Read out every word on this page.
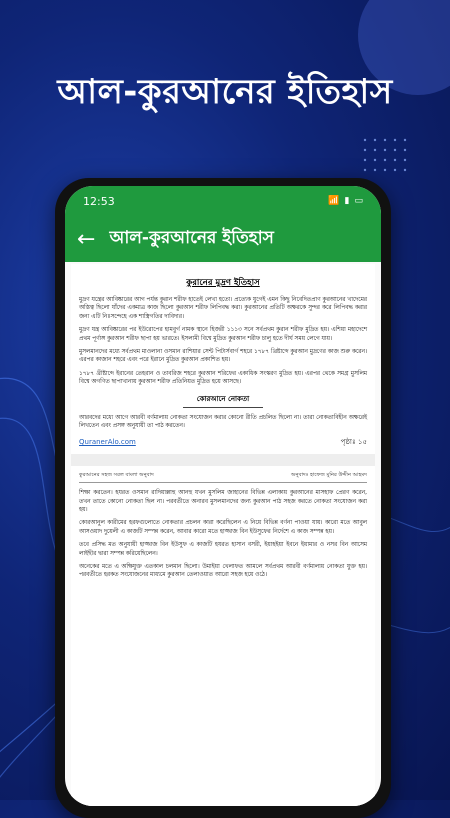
আল-কুরআনের ইতিহাস
12:53	📶 ▮ ▭
← আল-কুরআনের ইতিহাস
কুরানের মুদ্রণ ইতিহাস

মুদ্রণ যন্ত্রের আবিষ্কারের আগ পর্যন্ত কুরান শরীফ হাতেই লেখা হতো। প্রত্যেক যুগেই এমন কিছু নিবেদিতপ্রাণ কুরআনের খাদেমের অস্তিত্ব ছিলো যাঁদের একমাত্র কাজ ছিলো কুরআন শরীফ লিপিবদ্ধ করা। কুরআনের প্রতিটি অক্ষরকে সুন্দর করে লিপিবদ্ধ করার জন্য এটি নিঃসন্দেহে এক শাস্ত্রিগতির দাবিদার।

মুদ্রণ যন্ত্র আবিষ্কারের পর ইউরোপের হামবুর্গ নামক স্থানে হিজরী ১১১৩ সনে সর্বপ্রথম কুরান শরীফ মুদ্রিত হয়। এশিয়া মহাদেশে প্রথম পূর্ণাঙ্গ কুরআন শরীফ ছাপা হয় ভারতে। ইসলামী বিশ্বে মুদ্রিত কুরআন শরীফ চালু হতে দীর্ঘ সময় লেগে যায়।

মুসলমানদের মধ্যে সর্বপ্রথম মাওলানা ওসমান রাশিয়ার সেন্ট পিটার্সবার্গ শহরে ১৭৮৭ খ্রিষ্টাব্দে কুরআন মুদ্রণের কাজ শুরু করেন। এরপর কাজান শহরে এবং পরে ইরানে মুদ্রিত কুরআন প্রকাশিত হয়।

১৭৮৭ খ্রীষ্টাব্দে ইরানের তেহরান ও তাবরিজ শহরে কুরআন শরিফের একাধিক সংস্করণ মুদ্রিত হয়। এরপর থেকে সমগ্র মুসলিম বিশ্বে অগণিত ছাপাখানায় কুরআন শরীফ প্রতিনিয়ত মুদ্রিত হয়ে আসছে।

কোরআনে নোকতা

আরবদের মধ্যে আগে আরবী বর্ণমালায় নোকতা সংযোজন করার কোনো রীতি প্রচলিত ছিলো না। তারা নোকতাবিহীন অক্ষরেই লিখতেন এবং প্রসঙ্গ অনুযায়ী তা পাঠ করতেন।

QuranerAlo.com	পৃষ্ঠাঃ ১৫
কুরআনের সহজ সরল বাংলা অনুবাদ	অনুবাদঃ হাফেজ মুনির উদ্দীন আহমদ

শিক্ষা করতেন। হযরত ওসমান রাদিয়াল্লাহু আনহু যখন মুসলিম জাহানের বিভিন্ন এলাকায় কুরআনের মাসহাফ প্রেরণ করেন, তখন তাতে কোনো নোকতা ছিল না। পরবর্তীতে অনারব মুসলমানদের জন্য কুরআন পাঠ সহজ করতে নোকতা সংযোজন করা হয়।

কোরআনুল কারীমের হরফগুলোতে নোকতার প্রচলন কারা করেছিলেন এ নিয়ে বিভিন্ন বর্ণনা পাওয়া যায়। কারো মতে আবুল আসওয়াদ দুয়েলী এ কাজটি সম্পন্ন করেন, আবার কারো মতে হাজ্জাজ বিন ইউসুফের নির্দেশে এ কাজ সম্পন্ন হয়।

তবে প্রসিদ্ধ মত অনুযায়ী হাজ্জাজ বিন ইউসুফ এ কাজটি হযরত হাসান বসরী, ইয়াহইয়া ইবনে ইয়ামার ও নসর বিন আসেম লাইছীর দ্বারা সম্পন্ন করিয়েছিলেন।

অনেকের মতে এ অক্ষিযুক্ত এতকাল চলমান ছিলো। উমাইয়া খেলাফত আমলে সর্বপ্রথম আরবী বর্ণমালায় নোকতা যুক্ত হয়। পরবর্তীতে হরকত সংযোজনের মাধ্যমে কুরআন তেলাওয়াত আরো সহজ হয়ে ওঠে।
